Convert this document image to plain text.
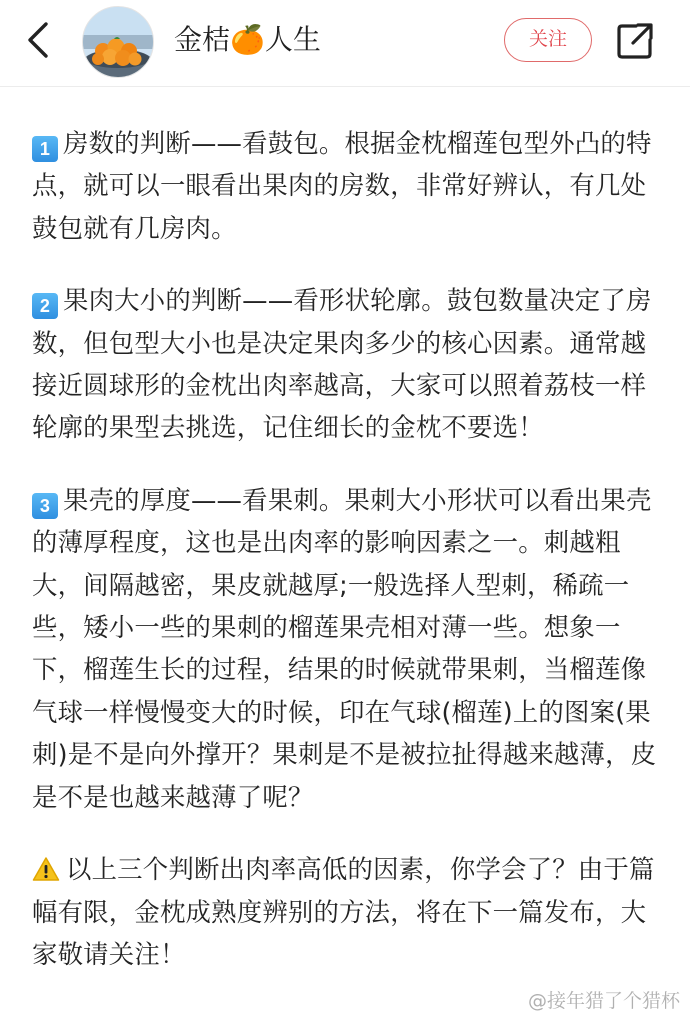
金桔🍊人生	关注

1 房数的判断——看鼓包。根据金枕榴莲包型外凸的特点，就可以一眼看出果肉的房数，非常好辨认，有几处鼓包就有几房肉。

2 果肉大小的判断——看形状轮廓。鼓包数量决定了房数，但包型大小也是决定果肉多少的核心因素。通常越接近圆球形的金枕出肉率越高，大家可以照着荔枝一样轮廓的果型去挑选，记住细长的金枕不要选！

3 果壳的厚度——看果刺。果刺大小形状可以看出果壳的薄厚程度，这也是出肉率的影响因素之一。刺越粗大，间隔越密，果皮就越厚;一般选择人型刺，稀疏一些，矮小一些的果刺的榴莲果壳相对薄一些。想象一下，榴莲生长的过程，结果的时候就带果刺，当榴莲像气球一样慢慢变大的时候，印在气球(榴莲)上的图案(果刺)是不是向外撑开？果刺是不是被拉扯得越来越薄，皮是不是也越来越薄了呢？

以上三个判断出肉率高低的因素，你学会了？由于篇幅有限，金枕成熟度辨别的方法，将在下一篇发布，大家敬请关注！

@接年猎了个猎杯
